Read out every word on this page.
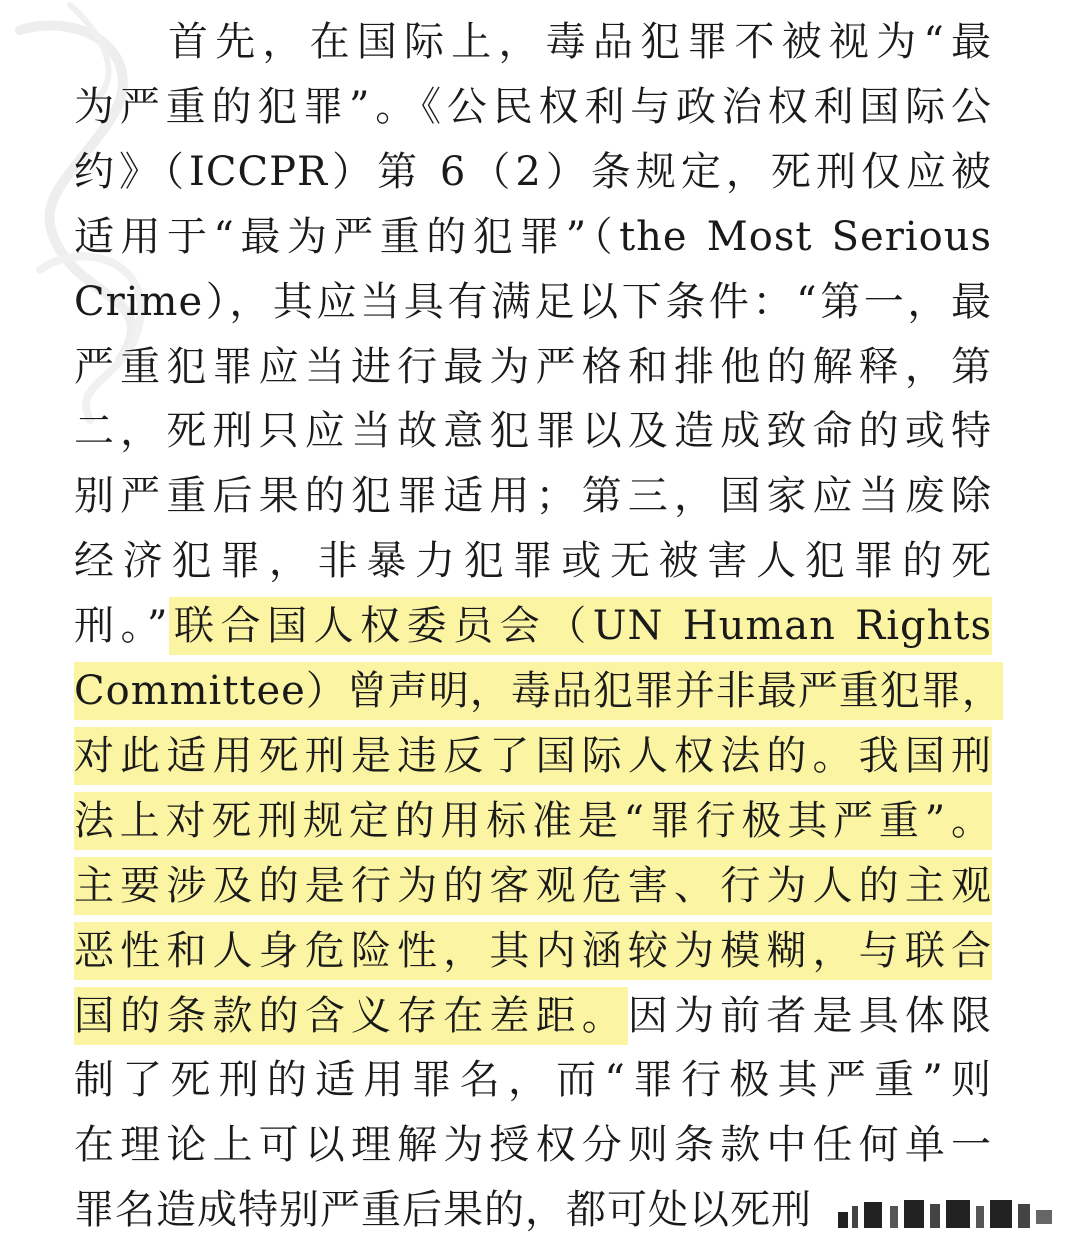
首先，在国际上，毒品犯罪不被视为“最
为严重的犯罪”。《公民权利与政治权利国际公
约》（ICCPR）第 6（2）条规定，死刑仅应被
适用于“最为严重的犯罪”（the Most Serious
Crime），其应当具有满足以下条件：“第一，最
严重犯罪应当进行最为严格和排他的解释，第
二，死刑只应当故意犯罪以及造成致命的或特
别严重后果的犯罪适用；第三，国家应当废除
经济犯罪，非暴力犯罪或无被害人犯罪的死
刑。”联合国人权委员会（UN Human Rights
Committee）曾声明，毒品犯罪并非最严重犯罪，
对此适用死刑是违反了国际人权法的。我国刑
法上对死刑规定的用标准是“罪行极其严重”。
主要涉及的是行为的客观危害、行为人的主观
恶性和人身危险性，其内涵较为模糊，与联合
国的条款的含义存在差距。因为前者是具体限
制了死刑的适用罪名，而“罪行极其严重”则
在理论上可以理解为授权分则条款中任何单一
罪名造成特别严重后果的，都可处以死刑
